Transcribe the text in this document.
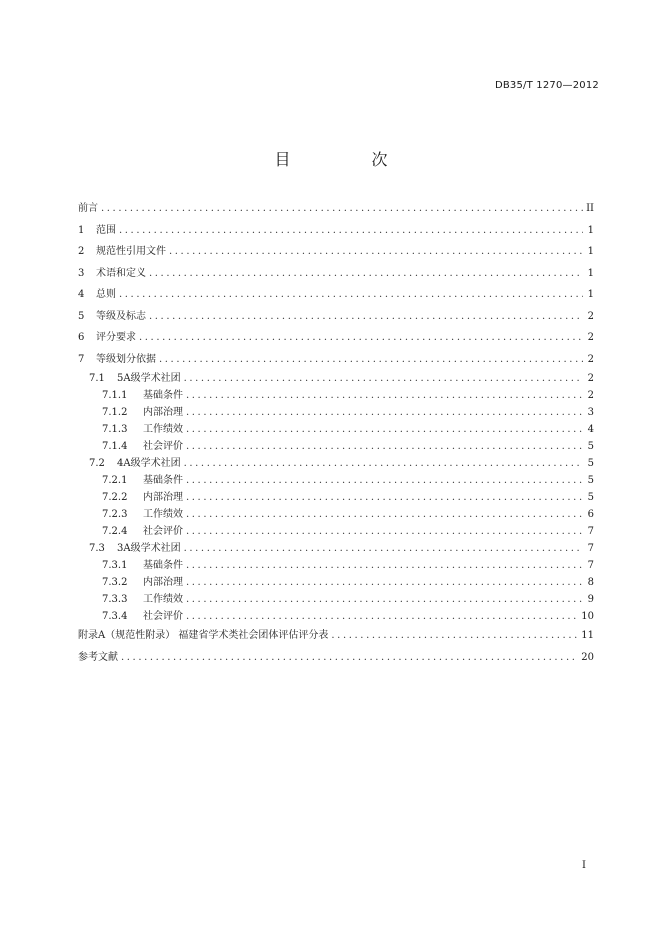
DB35/T 1270—2012
目 次
前言 .....	II
1 范围 .....	1
2 规范性引用文件 .....	1
3 术语和定义 .....	1
4 总则 .....	1
5 等级及标志 .....	2
6 评分要求 .....	2
7 等级划分依据 .....	2
7.1 5A级学术社团 .....	2
7.1.1 基础条件 .....	2
7.1.2 内部治理 .....	3
7.1.3 工作绩效 .....	4
7.1.4 社会评价 .....	5
7.2 4A级学术社团 .....	5
7.2.1 基础条件 .....	5
7.2.2 内部治理 .....	5
7.2.3 工作绩效 .....	6
7.2.4 社会评价 .....	7
7.3 3A级学术社团 .....	7
7.3.1 基础条件 .....	7
7.3.2 内部治理 .....	8
7.3.3 工作绩效 .....	9
7.3.4 社会评价 .....	10
附录A（规范性附录） 福建省学术类社会团体评估评分表 .....	11
参考文献 .....	20
I
